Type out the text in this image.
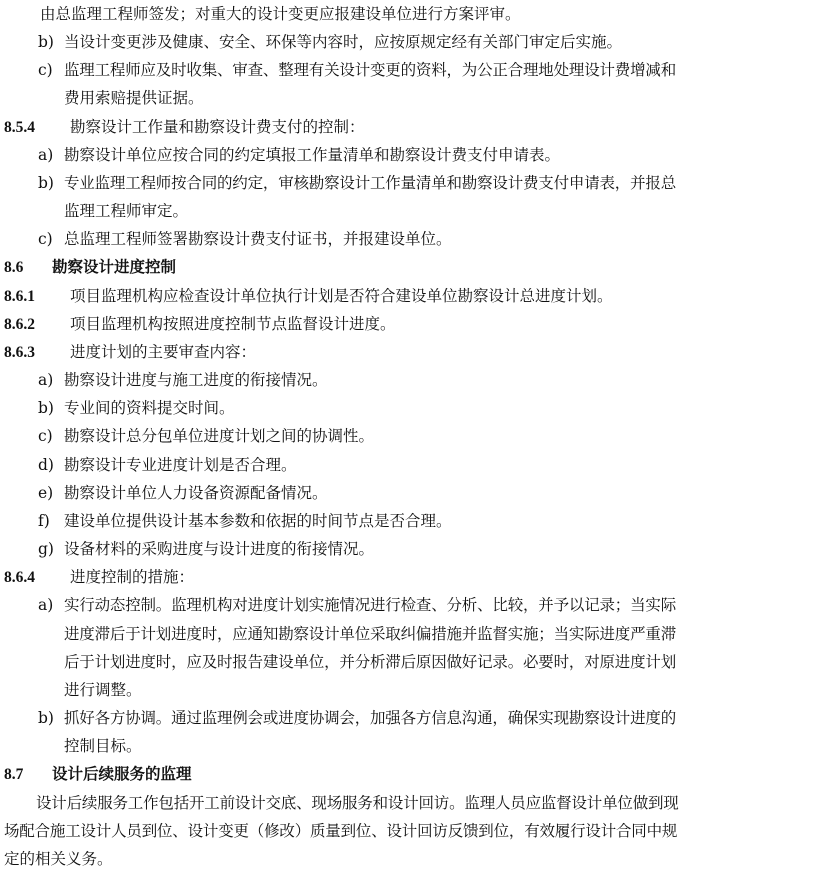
由总监理工程师签发；对重大的设计变更应报建设单位进行方案评审。
b) 当设计变更涉及健康、安全、环保等内容时，应按原规定经有关部门审定后实施。
c) 监理工程师应及时收集、审查、整理有关设计变更的资料，为公正合理地处理设计费增减和
费用索赔提供证据。
8.5.4 勘察设计工作量和勘察设计费支付的控制：
a) 勘察设计单位应按合同的约定填报工作量清单和勘察设计费支付申请表。
b) 专业监理工程师按合同的约定，审核勘察设计工作量清单和勘察设计费支付申请表，并报总
监理工程师审定。
c) 总监理工程师签署勘察设计费支付证书，并报建设单位。
8.6 勘察设计进度控制
8.6.1 项目监理机构应检查设计单位执行计划是否符合建设单位勘察设计总进度计划。
8.6.2 项目监理机构按照进度控制节点监督设计进度。
8.6.3 进度计划的主要审查内容：
a) 勘察设计进度与施工进度的衔接情况。
b) 专业间的资料提交时间。
c) 勘察设计总分包单位进度计划之间的协调性。
d) 勘察设计专业进度计划是否合理。
e) 勘察设计单位人力设备资源配备情况。
f) 建设单位提供设计基本参数和依据的时间节点是否合理。
g) 设备材料的采购进度与设计进度的衔接情况。
8.6.4 进度控制的措施：
a) 实行动态控制。监理机构对进度计划实施情况进行检查、分析、比较，并予以记录；当实际
进度滞后于计划进度时，应通知勘察设计单位采取纠偏措施并监督实施；当实际进度严重滞
后于计划进度时，应及时报告建设单位，并分析滞后原因做好记录。必要时，对原进度计划
进行调整。
b) 抓好各方协调。通过监理例会或进度协调会，加强各方信息沟通，确保实现勘察设计进度的
控制目标。
8.7 设计后续服务的监理
设计后续服务工作包括开工前设计交底、现场服务和设计回访。监理人员应监督设计单位做到现
场配合施工设计人员到位、设计变更（修改）质量到位、设计回访反馈到位，有效履行设计合同中规
定的相关义务。
